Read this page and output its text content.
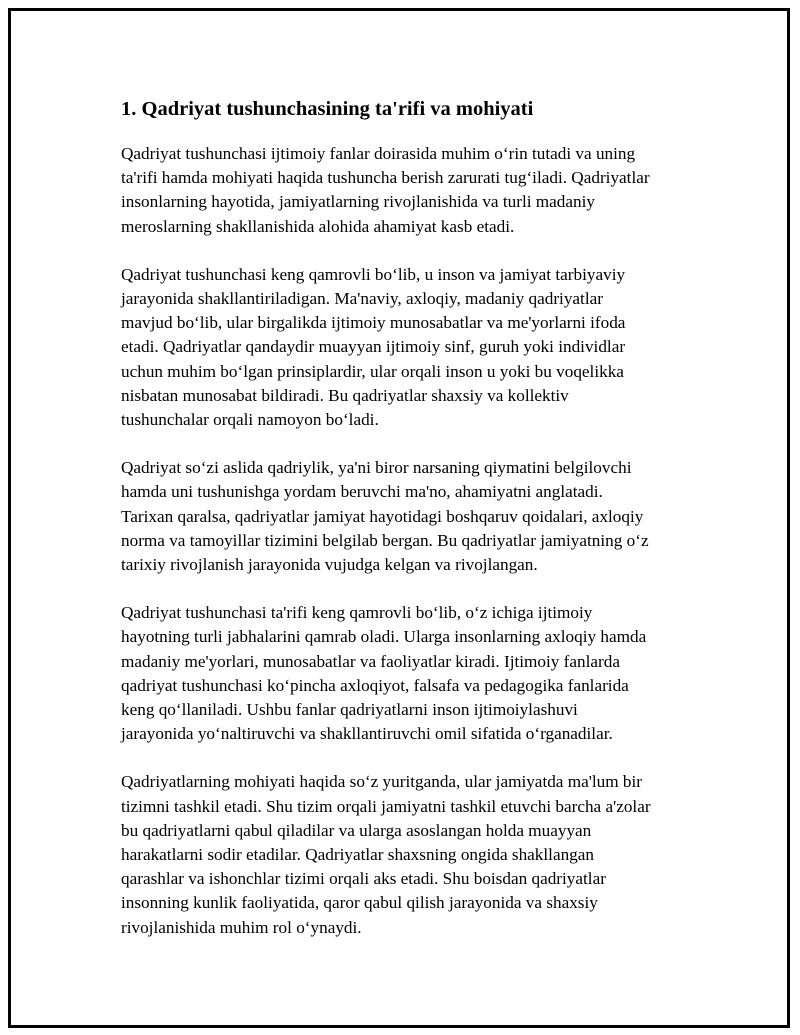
1. Qadriyat tushunchasining ta'rifi va mohiyati

Qadriyat tushunchasi ijtimoiy fanlar doirasida muhim o‘rin tutadi va uning
ta'rifi hamda mohiyati haqida tushuncha berish zarurati tug‘iladi. Qadriyatlar
insonlarning hayotida, jamiyatlarning rivojlanishida va turli madaniy
meroslarning shakllanishida alohida ahamiyat kasb etadi.

Qadriyat tushunchasi keng qamrovli bo‘lib, u inson va jamiyat tarbiyaviy
jarayonida shakllantiriladigan. Ma'naviy, axloqiy, madaniy qadriyatlar
mavjud bo‘lib, ular birgalikda ijtimoiy munosabatlar va me'yorlarni ifoda
etadi. Qadriyatlar qandaydir muayyan ijtimoiy sinf, guruh yoki individlar
uchun muhim bo‘lgan prinsiplardir, ular orqali inson u yoki bu voqelikka
nisbatan munosabat bildiradi. Bu qadriyatlar shaxsiy va kollektiv
tushunchalar orqali namoyon bo‘ladi.

Qadriyat so‘zi aslida qadriylik, ya'ni biror narsaning qiymatini belgilovchi
hamda uni tushunishga yordam beruvchi ma'no, ahamiyatni anglatadi.
Tarixan qaralsa, qadriyatlar jamiyat hayotidagi boshqaruv qoidalari, axloqiy
norma va tamoyillar tizimini belgilab bergan. Bu qadriyatlar jamiyatning o‘z
tarixiy rivojlanish jarayonida vujudga kelgan va rivojlangan.

Qadriyat tushunchasi ta'rifi keng qamrovli bo‘lib, o‘z ichiga ijtimoiy
hayotning turli jabhalarini qamrab oladi. Ularga insonlarning axloqiy hamda
madaniy me'yorlari, munosabatlar va faoliyatlar kiradi. Ijtimoiy fanlarda
qadriyat tushunchasi ko‘pincha axloqiyot, falsafa va pedagogika fanlarida
keng qo‘llaniladi. Ushbu fanlar qadriyatlarni inson ijtimoiylashuvi
jarayonida yo‘naltiruvchi va shakllantiruvchi omil sifatida o‘rganadilar.

Qadriyatlarning mohiyati haqida so‘z yuritganda, ular jamiyatda ma'lum bir
tizimni tashkil etadi. Shu tizim orqali jamiyatni tashkil etuvchi barcha a'zolar
bu qadriyatlarni qabul qiladilar va ularga asoslangan holda muayyan
harakatlarni sodir etadilar. Qadriyatlar shaxsning ongida shakllangan
qarashlar va ishonchlar tizimi orqali aks etadi. Shu boisdan qadriyatlar
insonning kunlik faoliyatida, qaror qabul qilish jarayonida va shaxsiy
rivojlanishida muhim rol o‘ynaydi.
